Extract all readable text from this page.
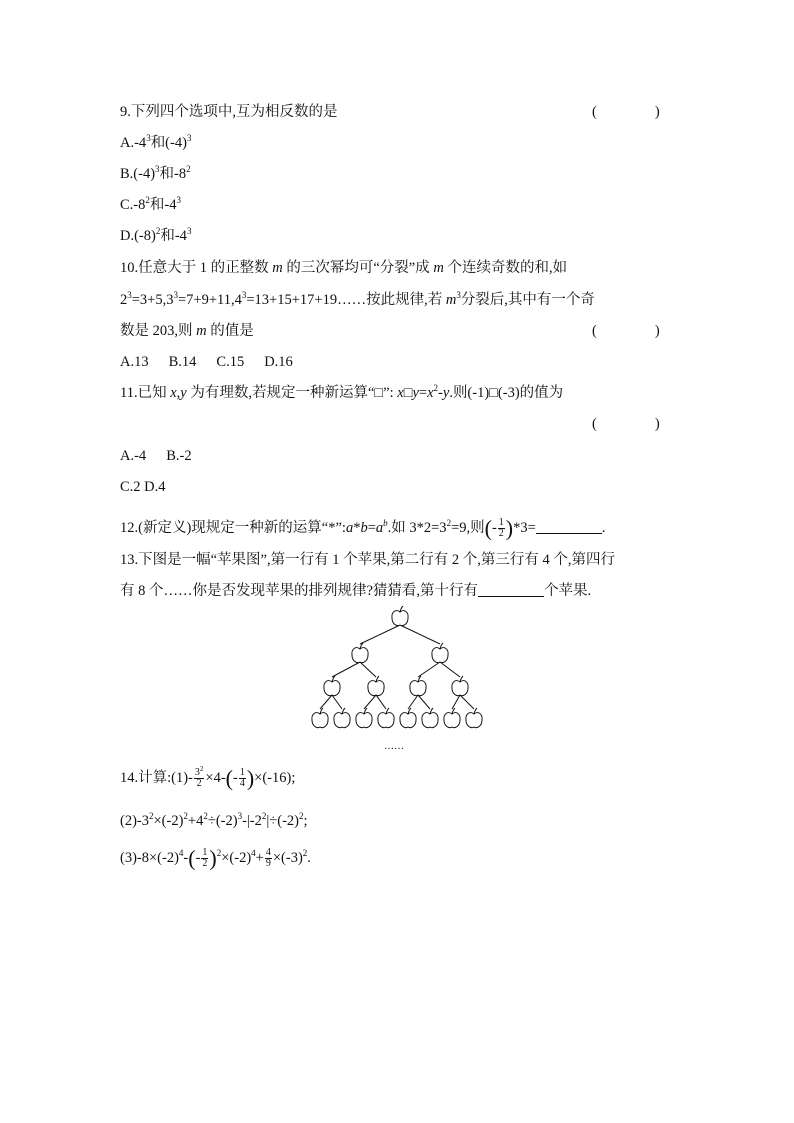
9.下列四个选项中,互为相反数的是	(　　　　)
$A.-4^3$和$(-4)^3$
$B.(-4)^3$和$-8^2$
$C.-8^2$和$-4^3$
$D.(-8)^2$和$-4^3$
10.任意大于 1 的正整数 m 的三次幂均可“分裂”成 m 个连续奇数的和,如
$2^3=3+5,3^3=7+9+11,4^3=13+15+17+19\dots\dots$按此规律,若 $m^3$分裂后,其中有一个奇
数是 203,则 m 的值是	(　　　　)
A.13 B.14 C.15 D.16
11.已知 x,y 为有理数,若规定一种新运算“□”: $x□y=x^2-y$.则(-1)□(-3)的值为
(　　　　)
A.-4 B.-2
C.2 D.4
12.(新定义)现规定一种新的运算“$*”:a*b=a^b$.如 $3*2=3^2=9$,则(- $\frac{1}{2} )*3=$	.
13.下图是一幅“苹果图”,第一行有 1 个苹果,第二行有 2 个,第三行有 4 个,第四行
有 8 个……你是否发现苹果的排列规律?猜猜看,第十行有	个苹果.
……
14.计算:(1)- $\frac{3^2}{2} \times 4-(- \frac{1}{4} )\times(-16)$;
$(2)-3^2\times(-2)^2+4^2\div(-2)^3-|-2^2|\div(-2)^2$;
$(3)-8\times(-2)^4-(- \frac{1}{2} )^2\times(-2)^4+ \frac{4}{9} \times(-3)^2$.
